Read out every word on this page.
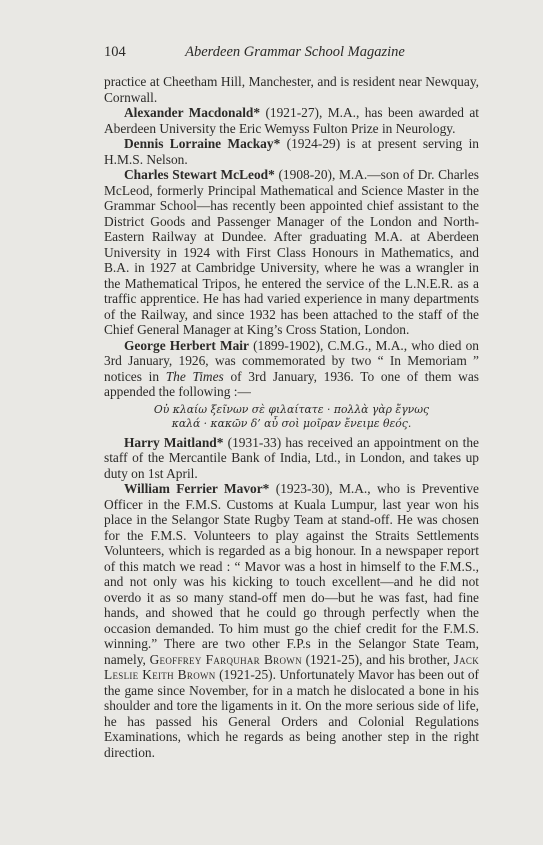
104	Aberdeen Grammar School Magazine

practice at Cheetham Hill, Manchester, and is resident near Newquay, Cornwall.

Alexander Macdonald* (1921-27), M.A., has been awarded at Aberdeen University the Eric Wemyss Fulton Prize in Neurology.

Dennis Lorraine Mackay* (1924-29) is at present serving in H.M.S. Nelson.

Charles Stewart McLeod* (1908-20), M.A.—son of Dr. Charles McLeod, formerly Principal Mathematical and Science Master in the Grammar School—has recently been appointed chief assistant to the District Goods and Passenger Manager of the London and North-Eastern Railway at Dundee. After graduating M.A. at Aberdeen University in 1924 with First Class Honours in Mathematics, and B.A. in 1927 at Cambridge University, where he was a wrangler in the Mathematical Tripos, he entered the service of the L.N.E.R. as a traffic apprentice. He has had varied experience in many departments of the Railway, and since 1932 has been attached to the staff of the Chief General Manager at King’s Cross Station, London.

George Herbert Mair (1899-1902), C.M.G., M.A., who died on 3rd January, 1926, was commemorated by two “ In Memoriam ” notices in The Times of 3rd January, 1936. To one of them was appended the following :—

Οὐ κλαίω ξεῖνων σὲ φιλαίτατε · πολλὰ γὰρ ἔγνως
καλά · κακῶν δ’ αὖ σοὶ μοῖραν ἔνειμε θεός.

Harry Maitland* (1931-33) has received an appointment on the staff of the Mercantile Bank of India, Ltd., in London, and takes up duty on 1st April.

William Ferrier Mavor* (1923-30), M.A., who is Preventive Officer in the F.M.S. Customs at Kuala Lumpur, last year won his place in the Selangor State Rugby Team at stand-off. He was chosen for the F.M.S. Volunteers to play against the Straits Settlements Volunteers, which is regarded as a big honour. In a newspaper report of this match we read : “ Mavor was a host in himself to the F.M.S., and not only was his kicking to touch excellent—and he did not overdo it as so many stand-off men do—but he was fast, had fine hands, and showed that he could go through perfectly when the occasion demanded. To him must go the chief credit for the F.M.S. winning.” There are two other F.P.s in the Selangor State Team, namely, Geoffrey Farquhar Brown (1921-25), and his brother, Jack Leslie Keith Brown (1921-25). Unfortunately Mavor has been out of the game since November, for in a match he dislocated a bone in his shoulder and tore the ligaments in it. On the more serious side of life, he has passed his General Orders and Colonial Regulations Examinations, which he regards as being another step in the right direction.
